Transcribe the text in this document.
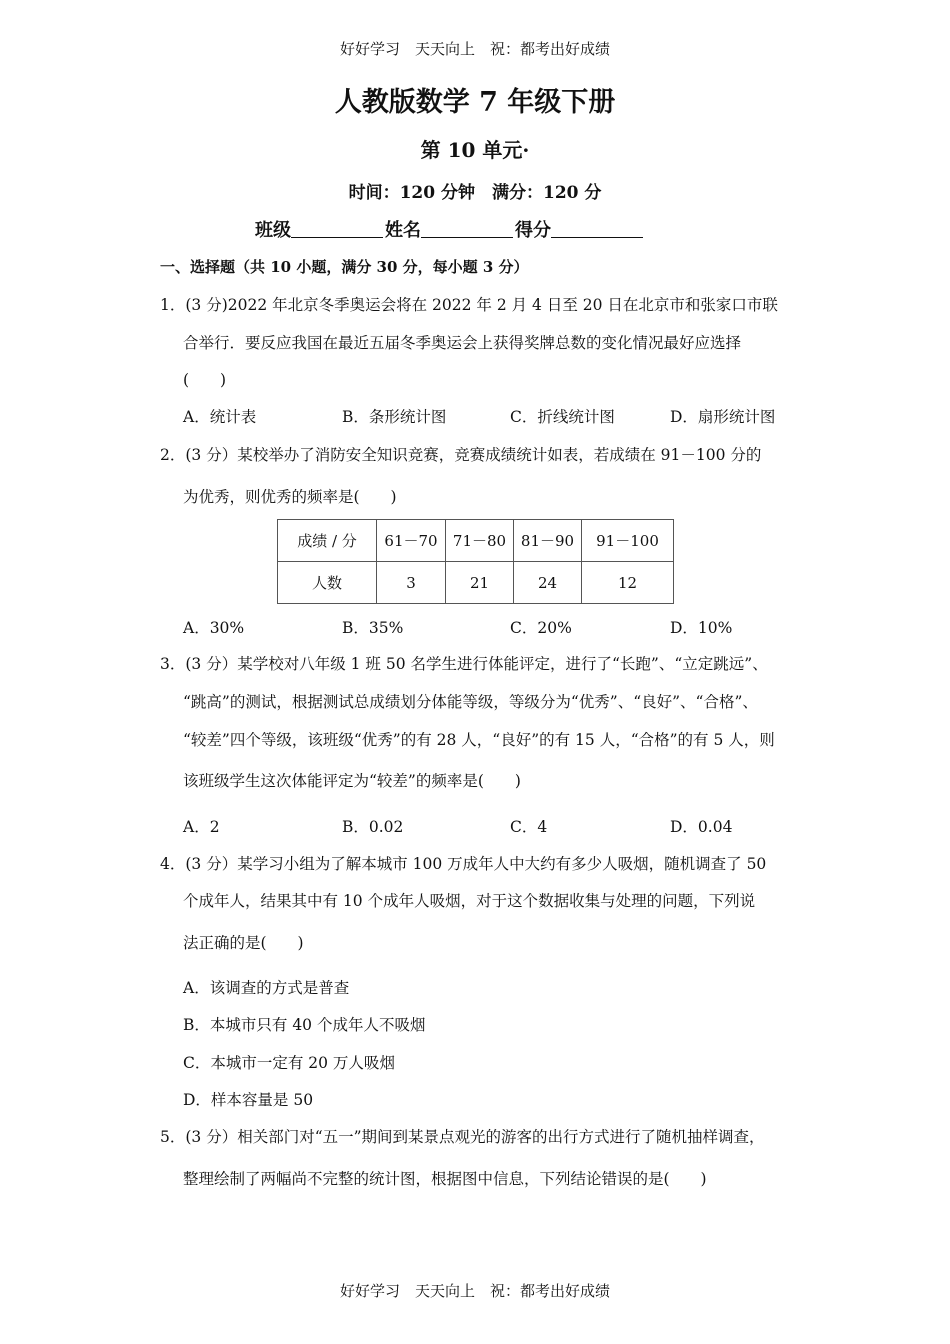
好好学习　天天向上　祝：都考出好成绩
人教版数学 7 年级下册
第 10 单元·
时间：120 分钟　满分：120 分
班级	姓名	得分
一、选择题（共 10 小题，满分 30 分，每小题 3 分）
1．(3 分)2022 年北京冬季奥运会将在 2022 年 2 月 4 日至 20 日在北京市和张家口市联
合举行．要反应我国在最近五届冬季奥运会上获得奖牌总数的变化情况最好应选择
(　　)
A．统计表	B．条形统计图	C．折线统计图	D．扇形统计图
2．(3 分）某校举办了消防安全知识竞赛，竞赛成绩统计如表，若成绩在 91－100 分的
为优秀，则优秀的频率是(　　)
成绩 / 分	61－70	71－80	81－90	91－100
人数	3	21	24	12
A．30%	B．35%	C．20%	D．10%
3．(3 分）某学校对八年级 1 班 50 名学生进行体能评定，进行了“长跑”、“立定跳远”、
“跳高”的测试，根据测试总成绩划分体能等级，等级分为“优秀”、“良好”、“合格”、
“较差”四个等级，该班级“优秀”的有 28 人，“良好”的有 15 人，“合格”的有 5 人，则
该班级学生这次体能评定为“较差”的频率是(　　)
A．2	B．0.02	C．4	D．0.04
4．(3 分）某学习小组为了解本城市 100 万成年人中大约有多少人吸烟，随机调查了 50
个成年人，结果其中有 10 个成年人吸烟，对于这个数据收集与处理的问题，下列说
法正确的是(　　)
A．该调查的方式是普查
B．本城市只有 40 个成年人不吸烟
C．本城市一定有 20 万人吸烟
D．样本容量是 50
5．(3 分）相关部门对“五一”期间到某景点观光的游客的出行方式进行了随机抽样调查，
整理绘制了两幅尚不完整的统计图，根据图中信息，下列结论错误的是(　　)
好好学习　天天向上　祝：都考出好成绩
